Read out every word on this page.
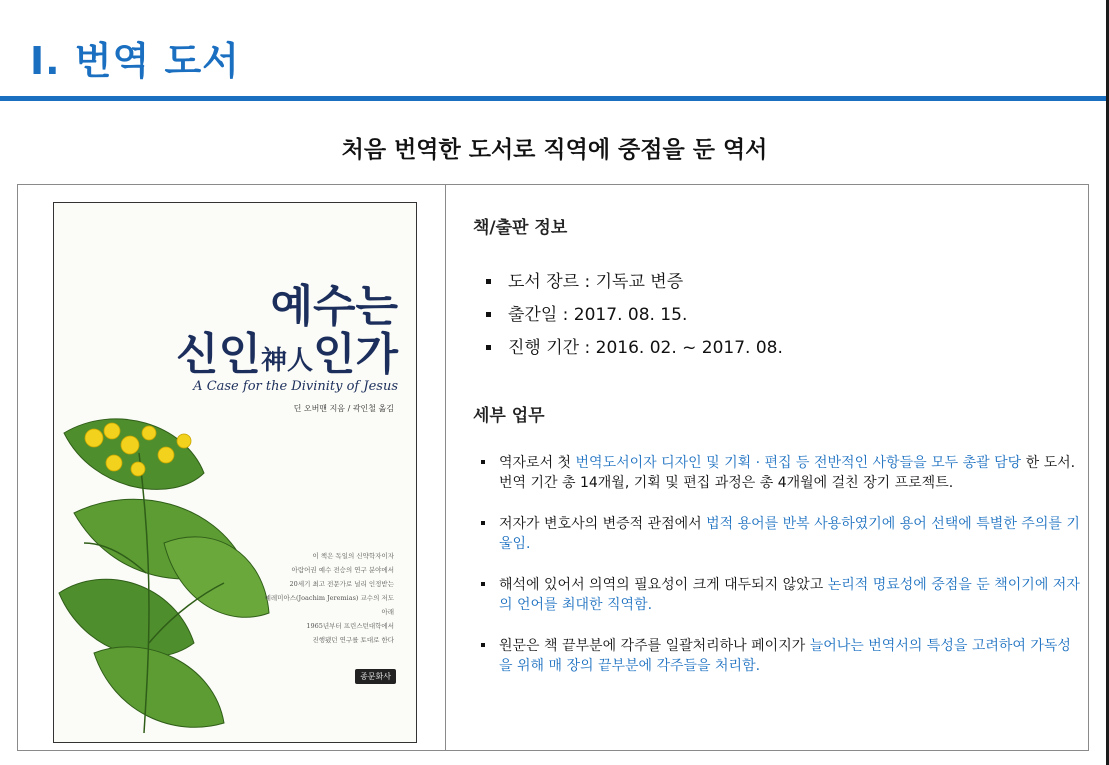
I. 번역 도서
처음 번역한 도서로 직역에 중점을 둔 역서
예수는
신인神人인가
A Case for the Divinity of Jesus
딘 오버맨 지음 / 곽인철 옮김
이 책은 독일의 신약학자이자
아람어권 예수 전승의 연구 분야에서
20세기 최고 전문가로 널리 인정받는
예레미아스(Joachim Jeremias) 교수의 저도 아래
1965년부터 프린스턴대학에서
진행됐던 연구를 토대로 한다
종문화사
책/출판 정보
도서 장르 : 기독교 변증
출간일 : 2017. 08. 15.
진행 기간 : 2016. 02. ~ 2017. 08.
세부 업무
역자로서 첫 번역도서이자 디자인 및 기획 · 편집 등 전반적인 사항들을 모두 총괄 담당 한 도서. 번역 기간 총 14개월, 기획 및 편집 과정은 총 4개월에 걸친 장기 프로젝트.
저자가 변호사의 변증적 관점에서 법적 용어를 반복 사용하였기에 용어 선택에 특별한 주의를 기울임.
해석에 있어서 의역의 필요성이 크게 대두되지 않았고 논리적 명료성에 중점을 둔 책이기에 저자의 언어를 최대한 직역함.
원문은 책 끝부분에 각주를 일괄처리하나 페이지가 늘어나는 번역서의 특성을 고려하여 가독성을 위해 매 장의 끝부분에 각주들을 처리함.
